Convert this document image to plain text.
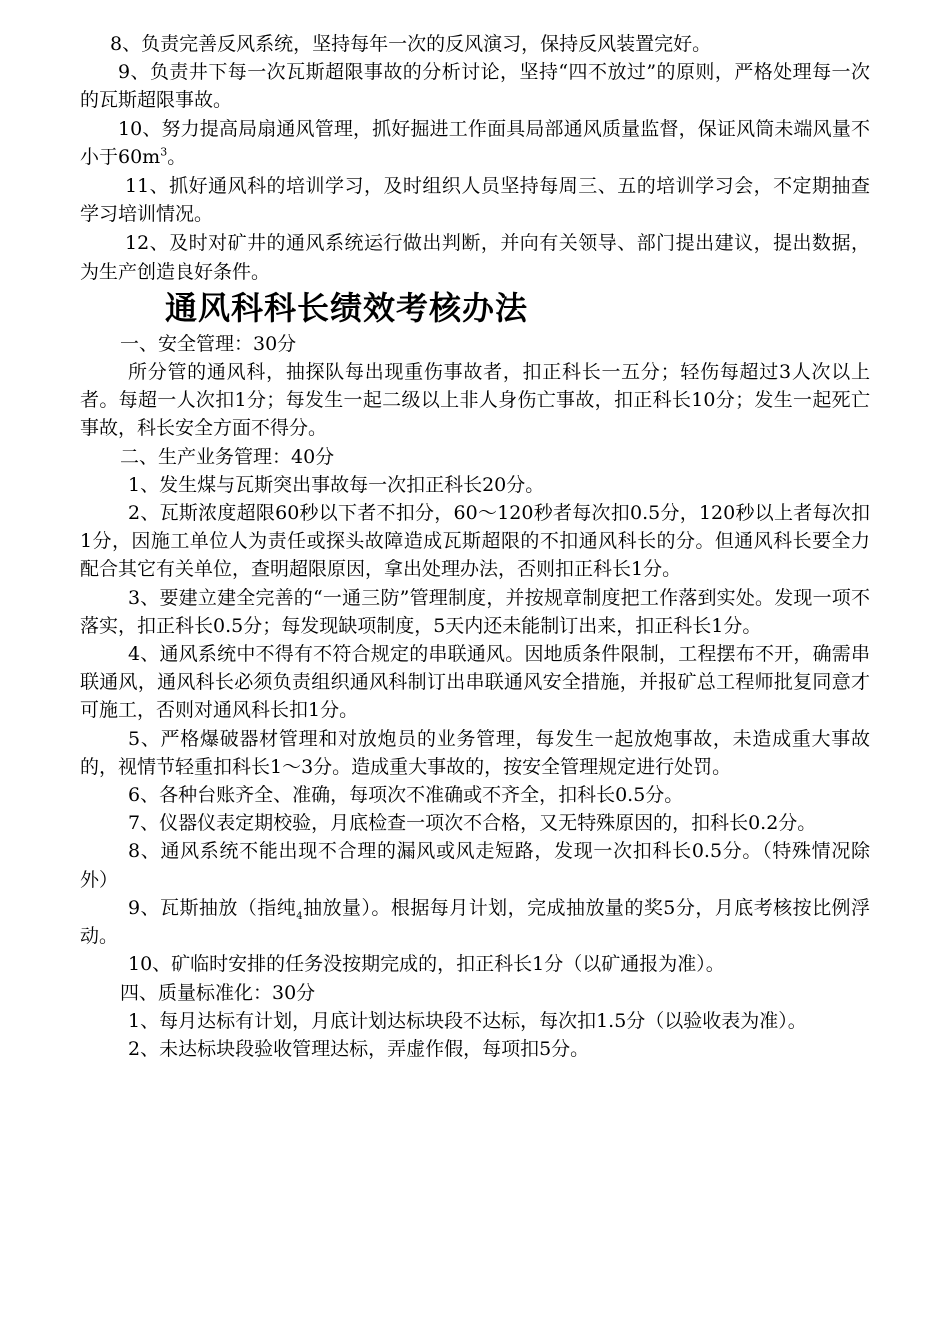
8、负责完善反风系统，坚持每年一次的反风演习，保持反风装置完好。

9、负责井下每一次瓦斯超限事故的分析讨论，坚持“四不放过”的原则，严格处理每一次的瓦斯超限事故。

10、努力提高局扇通风管理，抓好掘进工作面具局部通风质量监督，保证风筒未端风量不小于$60m^3$。

11、抓好通风科的培训学习，及时组织人员坚持每周三、五的培训学习会，不定期抽查学习培训情况。

12、及时对矿井的通风系统运行做出判断，并向有关领导、部门提出建议，提出数据，为生产创造良好条件。

通风科科长绩效考核办法

一、安全管理：30分

所分管的通风科，抽探队每出现重伤事故者，扣正科长一五分；轻伤每超过3人次以上者。每超一人次扣1分；每发生一起二级以上非人身伤亡事故，扣正科长10分；发生一起死亡事故，科长安全方面不得分。

二、生产业务管理：40分

1、发生煤与瓦斯突出事故每一次扣正科长20分。

2、瓦斯浓度超限60秒以下者不扣分，60～120秒者每次扣0.5分，120秒以上者每次扣1分，因施工单位人为责任或探头故障造成瓦斯超限的不扣通风科长的分。但通风科长要全力配合其它有关单位，查明超限原因，拿出处理办法，否则扣正科长1分。

3、要建立建全完善的“一通三防”管理制度，并按规章制度把工作落到实处。发现一项不落实，扣正科长0.5分；每发现缺项制度，5天内还未能制订出来，扣正科长1分。

4、通风系统中不得有不符合规定的串联通风。因地质条件限制，工程摆布不开，确需串联通风，通风科长必须负责组织通风科制订出串联通风安全措施，并报矿总工程师批复同意才可施工，否则对通风科长扣1分。

5、严格爆破器材管理和对放炮员的业务管理，每发生一起放炮事故，未造成重大事故的，视情节轻重扣科长1～3分。造成重大事故的，按安全管理规定进行处罚。

6、各种台账齐全、准确，每项次不准确或不齐全，扣科长0.5分。

7、仪器仪表定期校验，月底检查一项次不合格，又无特殊原因的，扣科长0.2分。

8、通风系统不能出现不合理的漏风或风走短路，发现一次扣科长0.5分。（特殊情况除外）

9、瓦斯抽放（指纯$_4$抽放量）。根据每月计划，完成抽放量的奖5分，月底考核按比例浮动。

10、矿临时安排的任务没按期完成的，扣正科长1分（以矿通报为准）。

四、质量标准化：30分

1、每月达标有计划，月底计划达标块段不达标，每次扣1.5分（以验收表为准）。

2、未达标块段验收管理达标，弄虚作假，每项扣5分。
